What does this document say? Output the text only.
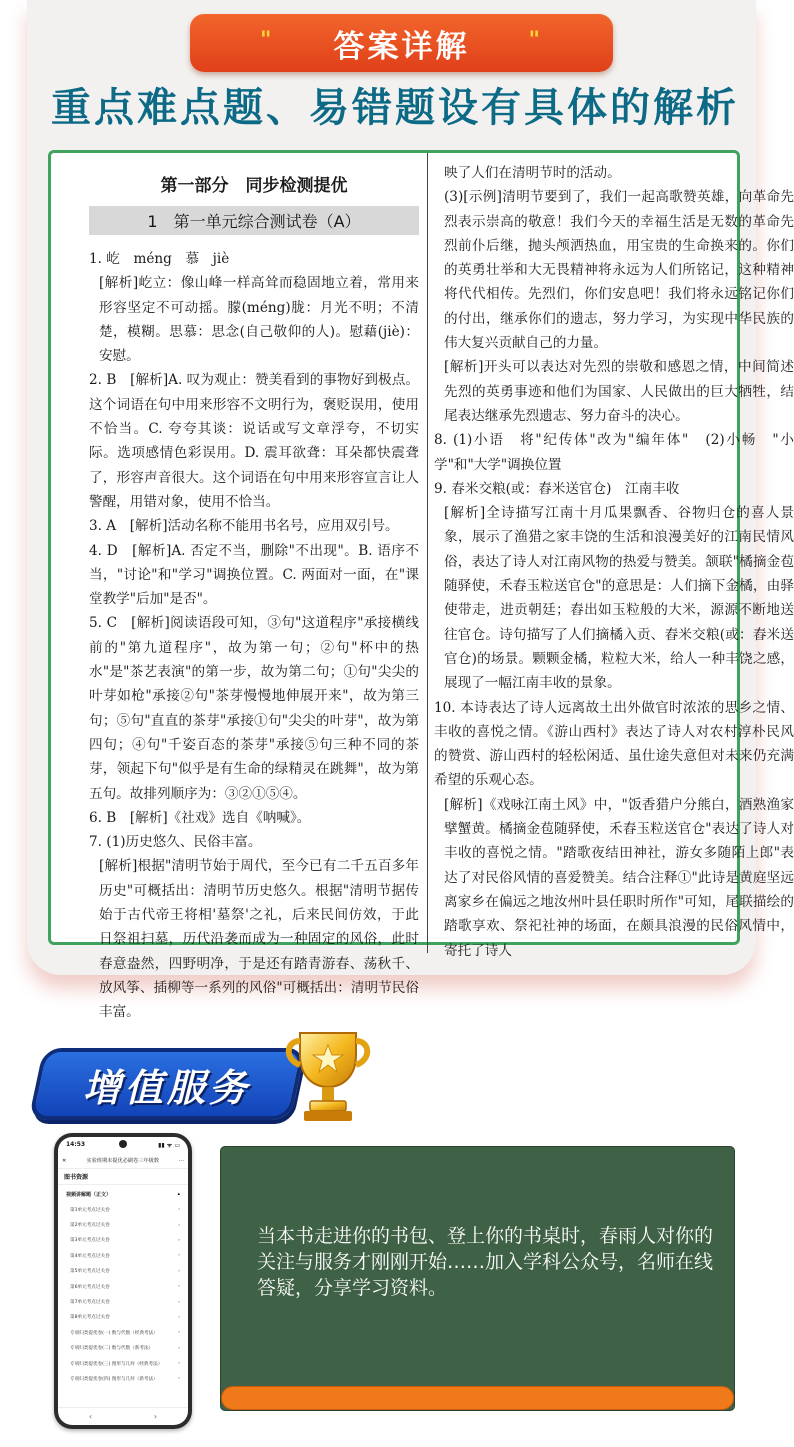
" 答案详解	"
重点难点题、易错题设有具体的解析
第一部分　同步检测提优
1　第一单元综合测试卷（A）

1. 屹　méng　慕　jiè

[解析]屹立：像山峰一样高耸而稳固地立着，常用来形容坚定不可动摇。朦(méng)胧：月光不明；不清楚，模糊。思慕：思念(自己敬仰的人)。慰藉(jiè)：安慰。

2. B　[解析]A. 叹为观止：赞美看到的事物好到极点。这个词语在句中用来形容不文明行为，褒贬误用，使用不恰当。C. 夸夸其谈：说话或写文章浮夸，不切实际。选项感情色彩误用。D. 震耳欲聋：耳朵都快震聋了，形容声音很大。这个词语在句中用来形容宣言让人警醒，用错对象，使用不恰当。

3. A　[解析]活动名称不能用书名号，应用双引号。

4. D　[解析]A. 否定不当，删除"不出现"。B. 语序不当，"讨论"和"学习"调换位置。C. 两面对一面，在"课堂教学"后加"是否"。

5. C　[解析]阅读语段可知，③句"这道程序"承接横线前的"第九道程序"，故为第一句；②句"杯中的热水"是"茶艺表演"的第一步，故为第二句；①句"尖尖的叶芽如枪"承接②句"茶芽慢慢地伸展开来"，故为第三句；⑤句"直直的茶芽"承接①句"尖尖的叶芽"，故为第四句；④句"千姿百态的茶芽"承接⑤句三种不同的茶芽，领起下句"似乎是有生命的绿精灵在跳舞"，故为第五句。故排列顺序为：③②①⑤④。

6. B　[解析]《社戏》选自《呐喊》。

7. (1)历史悠久、民俗丰富。

[解析]根据"清明节始于周代，至今已有二千五百多年历史"可概括出：清明节历史悠久。根据"清明节据传始于古代帝王将相'墓祭'之礼，后来民间仿效，于此日祭祖扫墓，历代沿袭而成为一种固定的风俗，此时春意盎然，四野明净，于是还有踏青游春、荡秋千、放风筝、插柳等一系列的风俗"可概括出：清明节民俗丰富。

映了人们在清明节时的活动。

(3)[示例]清明节要到了，我们一起高歌赞英雄，向革命先烈表示崇高的敬意！我们今天的幸福生活是无数的革命先烈前仆后继，抛头颅洒热血，用宝贵的生命换来的。你们的英勇壮举和大无畏精神将永远为人们所铭记，这种精神将代代相传。先烈们，你们安息吧！我们将永远铭记你们的付出，继承你们的遗志，努力学习，为实现中华民族的伟大复兴贡献自己的力量。

[解析]开头可以表达对先烈的崇敬和感恩之情，中间简述先烈的英勇事迹和他们为国家、人民做出的巨大牺牲，结尾表达继承先烈遗志、努力奋斗的决心。

8. (1)小语　将"纪传体"改为"编年体"　(2)小畅　"小学"和"大学"调换位置

9. 春米交粮(或：舂米送官仓)　江南丰收

[解析]全诗描写江南十月瓜果飘香、谷物归仓的喜人景象，展示了渔猎之家丰饶的生活和浪漫美好的江南民情风俗，表达了诗人对江南风物的热爱与赞美。颔联"橘摘金苞随驿使，禾舂玉粒送官仓"的意思是：人们摘下金橘，由驿使带走，进贡朝廷；舂出如玉粒般的大米，源源不断地送往官仓。诗句描写了人们摘橘入贡、舂米交粮(或：舂米送官仓)的场景。颗颗金橘，粒粒大米，给人一种丰饶之感，展现了一幅江南丰收的景象。

10. 本诗表达了诗人远离故土出外做官时浓浓的思乡之情、丰收的喜悦之情。《游山西村》表达了诗人对农村淳朴民风的赞赏、游山西村的轻松闲适、虽仕途失意但对未来仍充满希望的乐观心态。

[解析]《戏咏江南土风》中，"饭香猎户分熊白，酒熟渔家擘蟹黄。橘摘金苞随驿使，禾舂玉粒送官仓"表达了诗人对丰收的喜悦之情。"踏歌夜结田神社，游女多随陌上郎"表达了对民俗风情的喜爱赞美。结合注释①"此诗是黄庭坚远离家乡在偏远之地汝州叶县任职时所作"可知，尾联描绘的踏歌享欢、祭祀社神的场面，在颇具浪漫的民俗风情中，寄托了诗人

增值服务
14:53	▮▮ ᯤ ▭
✕	实验班期末提优必刷卷三年级数	···
图书资源
视频讲解题（正文）	▴
第1单元考点过关卷	›
第2单元考点过关卷	›
第3单元考点过关卷	›
第4单元考点过关卷	›
第5单元考点过关卷	›
第6单元考点过关卷	›
第7单元考点过关卷	›
第8单元考点过关卷	›
专项归类提优卷(一) 数与代数（经典考法）	›
专项归类提优卷(二) 数与代数（新考法）	›
专项归类提优卷(三) 图形与几何（经典考法）	›
专项归类提优卷(四) 图形与几何（新考法）	›
‹	›
当本书走进你的书包、登上你的书桌时，春雨人对你的关注与服务才刚刚开始……加入学科公众号，名师在线答疑，分享学习资料。
